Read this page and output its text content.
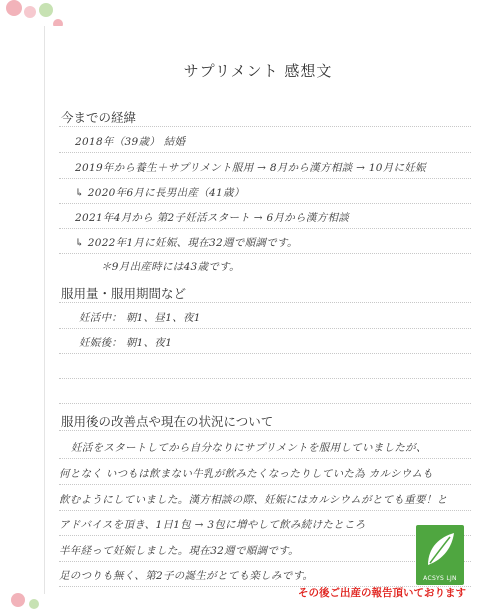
サプリメント 感想文
今までの経緯
2018年（39歳） 結婚
2019年から養生＋サプリメント服用 → 8月から漢方相談 → 10月に妊娠
↳ 2020年6月に長男出産（41歳）
2021年4月から 第2子妊活スタート → 6月から漢方相談
↳ 2022年1月に妊娠、現在32週で順調です。
＊9月出産時には43歳です。
服用量・服用期間など
妊活中： 朝1、昼1、夜1
妊娠後： 朝1、夜1
服用後の改善点や現在の状況について
妊活をスタートしてから自分なりにサプリメントを服用していましたが、
何となく いつもは飲まない牛乳が飲みたくなったりしていた為 カルシウムも
飲むようにしていました。漢方相談の際、妊娠にはカルシウムがとても重要！と
アドバイスを頂き、1日1包 → 3包に増やして飲み続けたところ
半年経って妊娠しました。現在32週で順調です。
足のつりも無く、第2子の誕生がとても楽しみです。	ACSYS LJN
その後ご出産の報告頂いております
